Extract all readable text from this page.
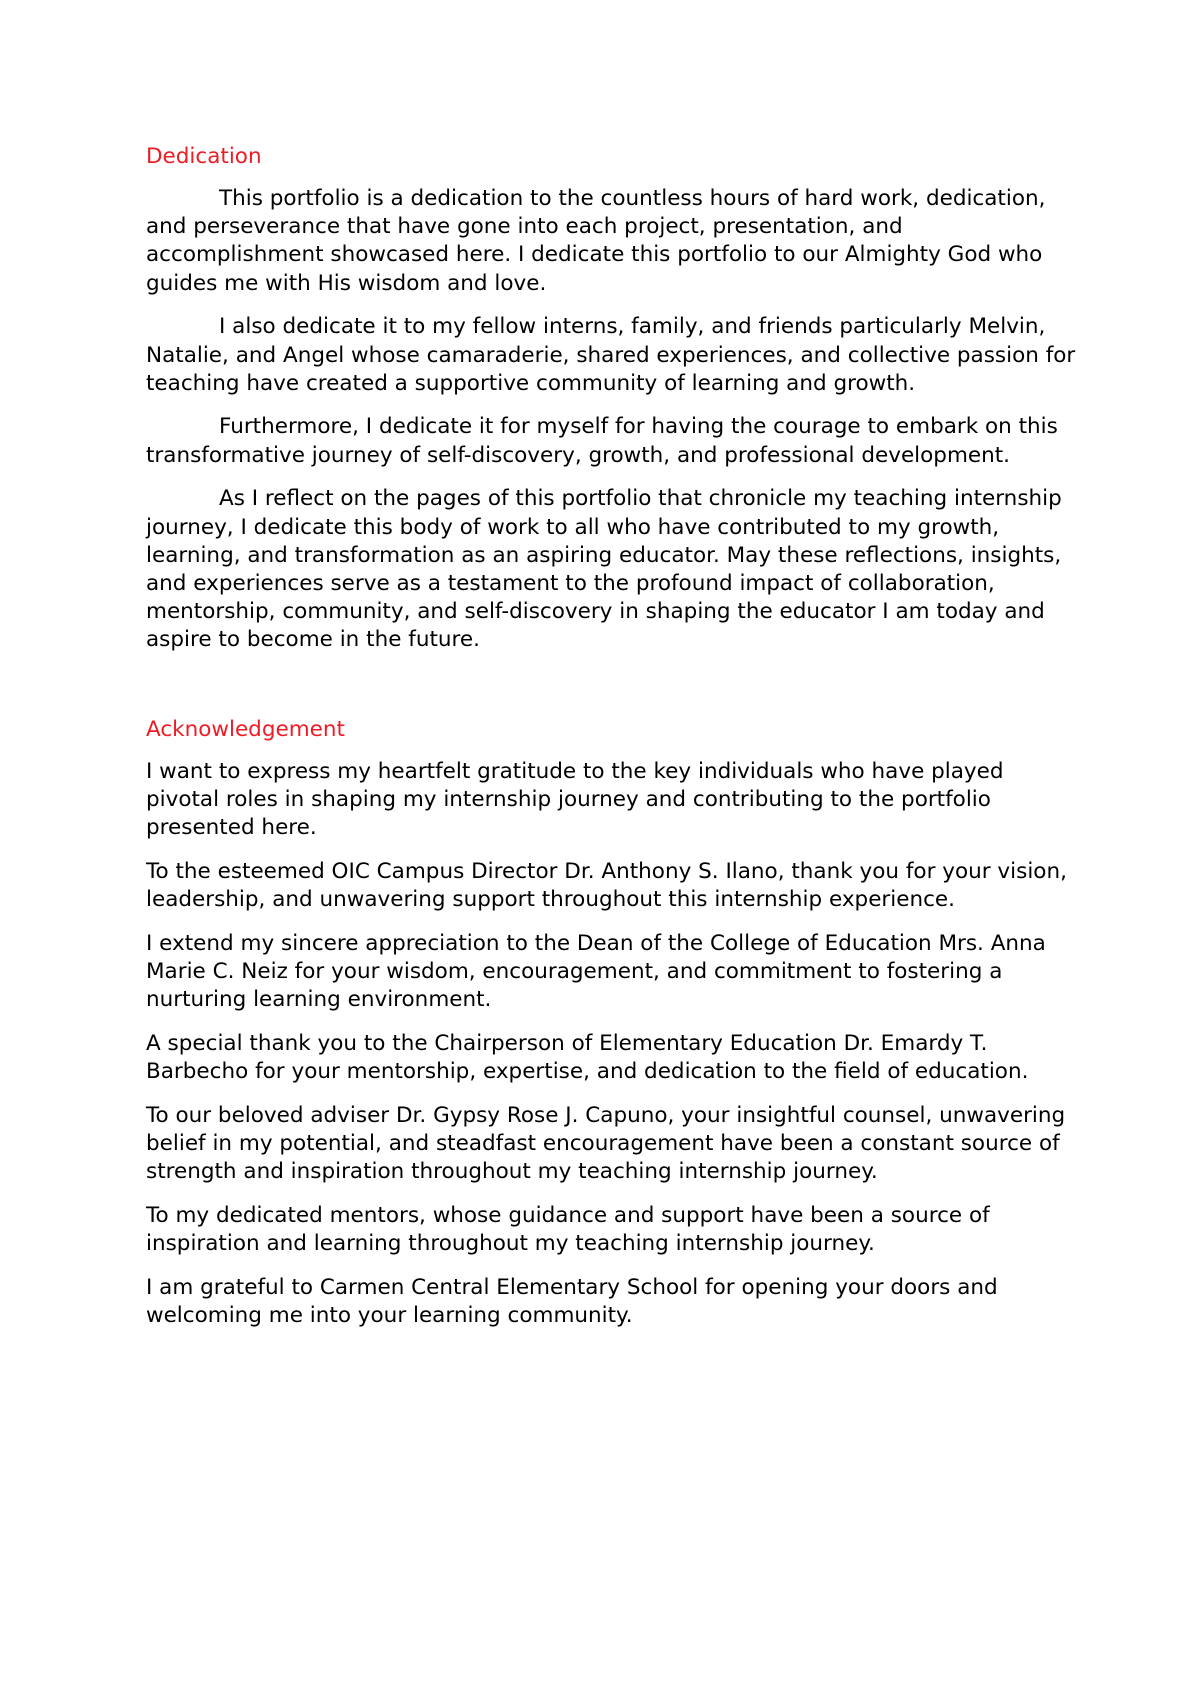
Dedication

This portfolio is a dedication to the countless hours of hard work, dedication, and perseverance that have gone into each project, presentation, and accomplishment showcased here. I dedicate this portfolio to our Almighty God who guides me with His wisdom and love.

I also dedicate it to my fellow interns, family, and friends particularly Melvin, Natalie, and Angel whose camaraderie, shared experiences, and collective passion for teaching have created a supportive community of learning and growth.

Furthermore, I dedicate it for myself for having the courage to embark on this transformative journey of self-discovery, growth, and professional development.

As I reflect on the pages of this portfolio that chronicle my teaching internship journey, I dedicate this body of work to all who have contributed to my growth, learning, and transformation as an aspiring educator. May these reflections, insights, and experiences serve as a testament to the profound impact of collaboration, mentorship, community, and self-discovery in shaping the educator I am today and aspire to become in the future.

Acknowledgement

I want to express my heartfelt gratitude to the key individuals who have played pivotal roles in shaping my internship journey and contributing to the portfolio presented here.

To the esteemed OIC Campus Director Dr. Anthony S. Ilano, thank you for your vision, leadership, and unwavering support throughout this internship experience.

I extend my sincere appreciation to the Dean of the College of Education Mrs. Anna Marie C. Neiz for your wisdom, encouragement, and commitment to fostering a nurturing learning environment.

A special thank you to the Chairperson of Elementary Education Dr. Emardy T. Barbecho for your mentorship, expertise, and dedication to the field of education.

To our beloved adviser Dr. Gypsy Rose J. Capuno, your insightful counsel, unwavering belief in my potential, and steadfast encouragement have been a constant source of strength and inspiration throughout my teaching internship journey.

To my dedicated mentors, whose guidance and support have been a source of inspiration and learning throughout my teaching internship journey.

I am grateful to Carmen Central Elementary School for opening your doors and welcoming me into your learning community.
